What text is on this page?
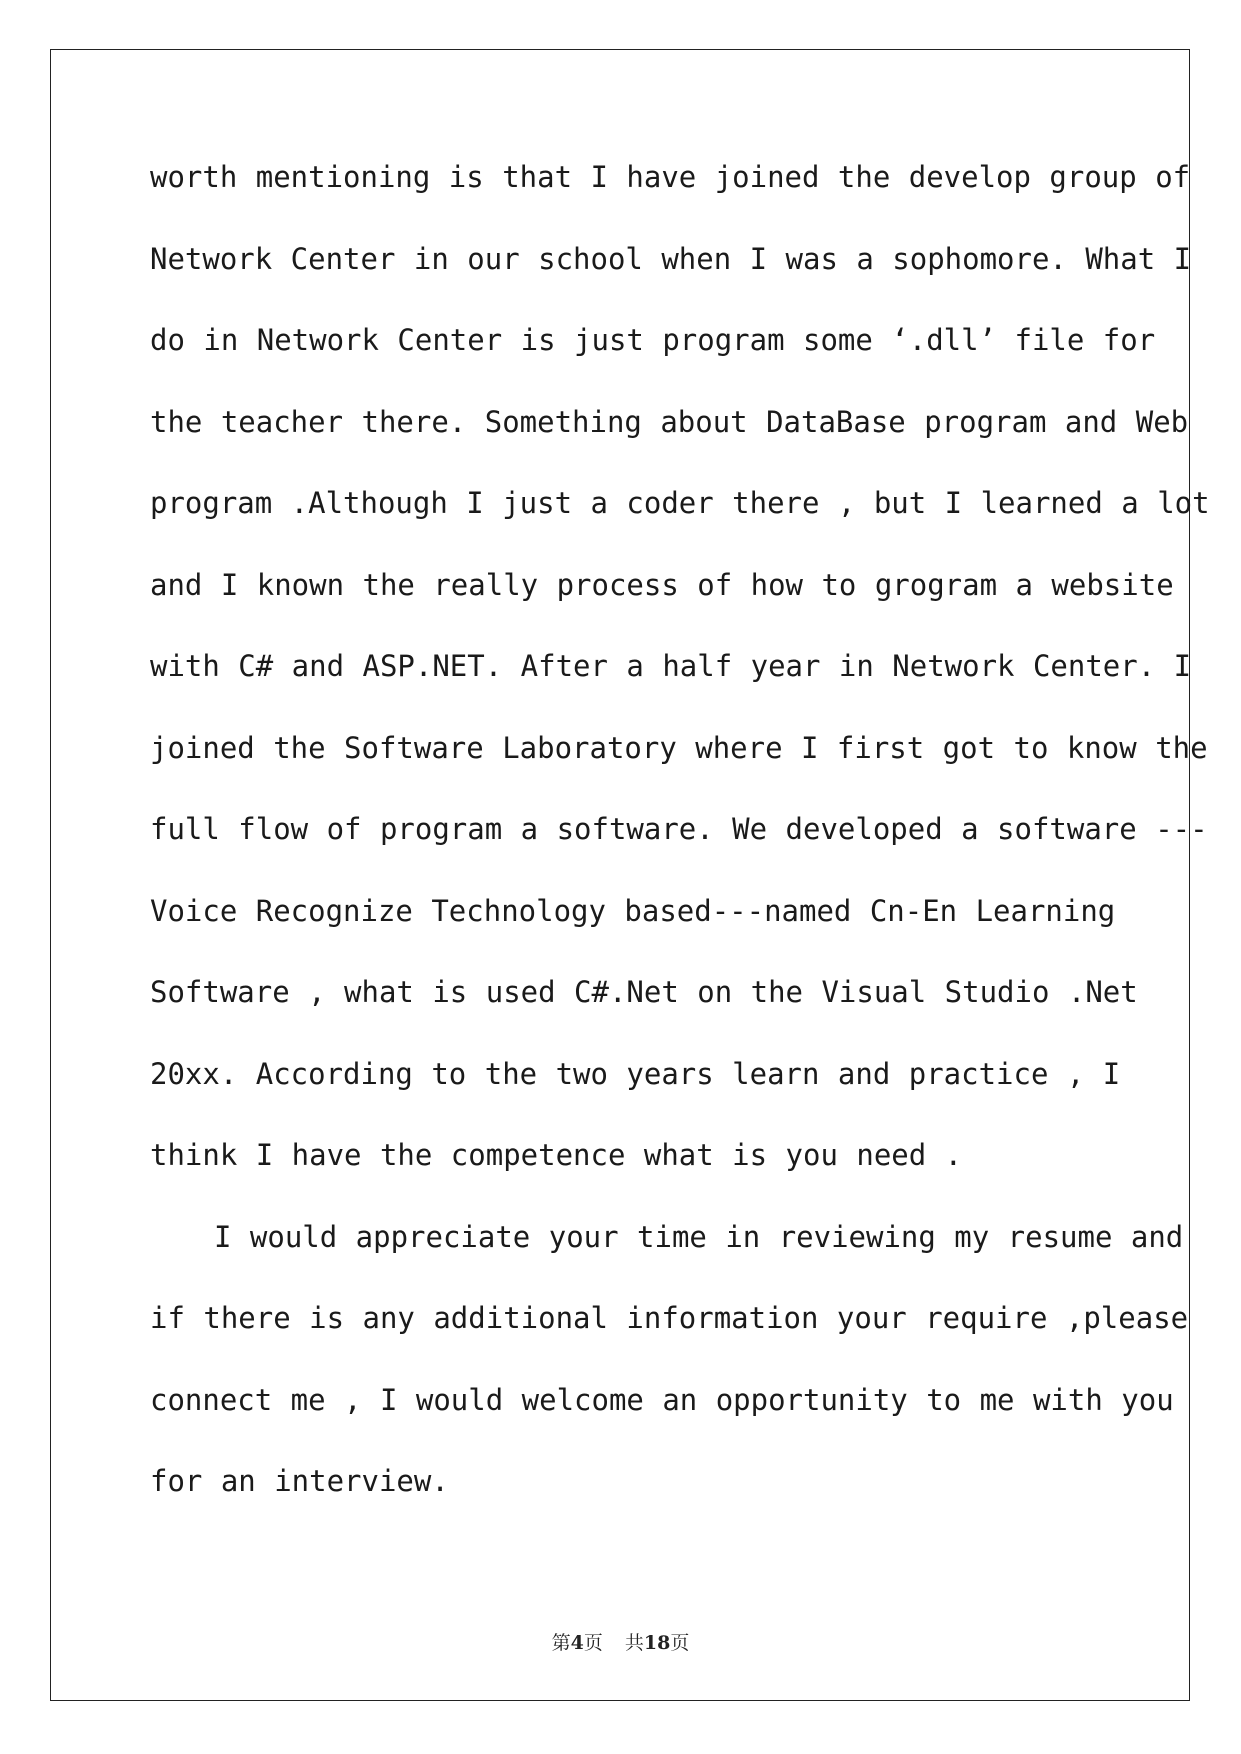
worth mentioning is that I have joined the develop group of
Network Center in our school when I was a sophomore. What I
do in Network Center is just program some ‘.dll’ file for
the teacher there. Something about DataBase program and Web
program .Although I just a coder there , but I learned a lot
and I known the really process of how to grogram a website
with C# and ASP.NET. After a half year in Network Center. I
joined the Software Laboratory where I first got to know the
full flow of program a software. We developed a software ---
Voice Recognize Technology based---named Cn-En Learning
Software , what is used C#.Net on the Visual Studio .Net
20xx. According to the two years learn and practice , I
think I have the competence what is you need .
I would appreciate your time in reviewing my resume and
if there is any additional information your require ,please
connect me , I would welcome an opportunity to me with you
for an interview.
第4页 共18页
